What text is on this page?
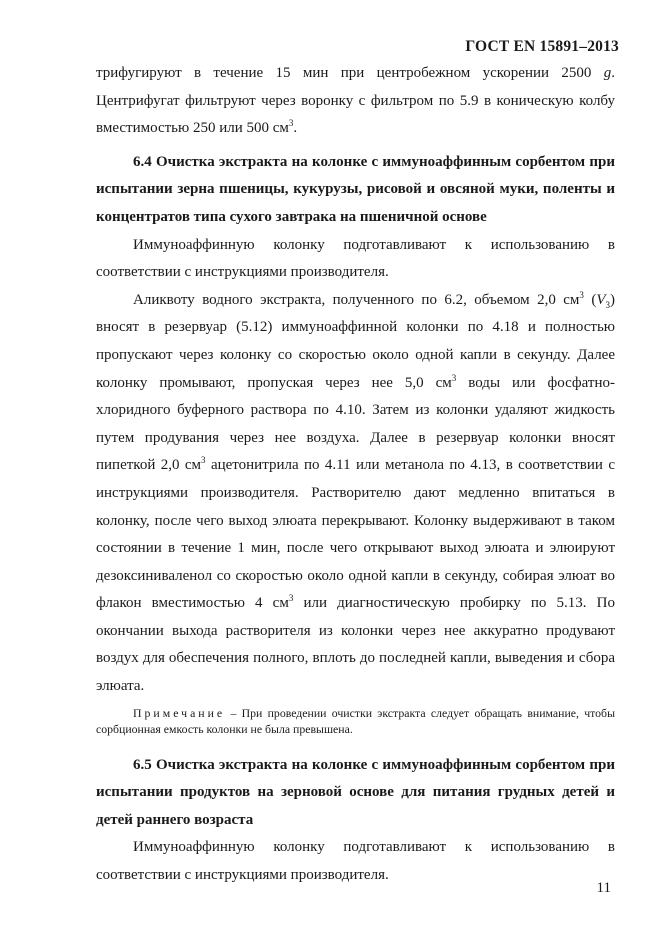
ГОСТ EN 15891–2013

трифугируют в течение 15 мин при центробежном ускорении 2500 g. Центрифугат фильтруют через воронку с фильтром по 5.9 в коническую колбу вместимостью 250 или 500 $см^3$.

6.4 Очистка экстракта на колонке с иммуноаффинным сорбентом при испытании зерна пшеницы, кукурузы, рисовой и овсяной муки, поленты и концентратов типа сухого завтрака на пшеничной основе

Иммуноаффинную колонку подготавливают к использованию в соответствии с инструкциями производителя.

Аликвоту водного экстракта, полученного по 6.2, объемом 2,0 $см^3$ $(V_3)$ вносят в резервуар (5.12) иммуноаффинной колонки по 4.18 и полностью пропускают через колонку со скоростью около одной капли в секунду. Далее колонку промывают, пропуская через нее 5,0 $см^3$ воды или фосфатно-хлоридного буферного раствора по 4.10. Затем из колонки удаляют жидкость путем продувания через нее воздуха. Далее в резервуар колонки вносят пипеткой 2,0 $см^3$ ацетонитрила по 4.11 или метанола по 4.13, в соответствии с инструкциями производителя. Растворителю дают медленно впитаться в колонку, после чего выход элюата перекрывают. Колонку выдерживают в таком состоянии в течение 1 мин, после чего открывают выход элюата и элюируют дезоксиниваленол со скоростью около одной капли в секунду, собирая элюат во флакон вместимостью 4 $см^3$ или диагностическую пробирку по 5.13. По окончании выхода растворителя из колонки через нее аккуратно продувают воздух для обеспечения полного, вплоть до последней капли, выведения и сбора элюата.

Примечание – При проведении очистки экстракта следует обращать внимание, чтобы сорбционная емкость колонки не была превышена.

6.5 Очистка экстракта на колонке с иммуноаффинным сорбентом при испытании продуктов на зерновой основе для питания грудных детей и детей раннего возраста

Иммуноаффинную колонку подготавливают к использованию в соответствии с инструкциями производителя.

11
